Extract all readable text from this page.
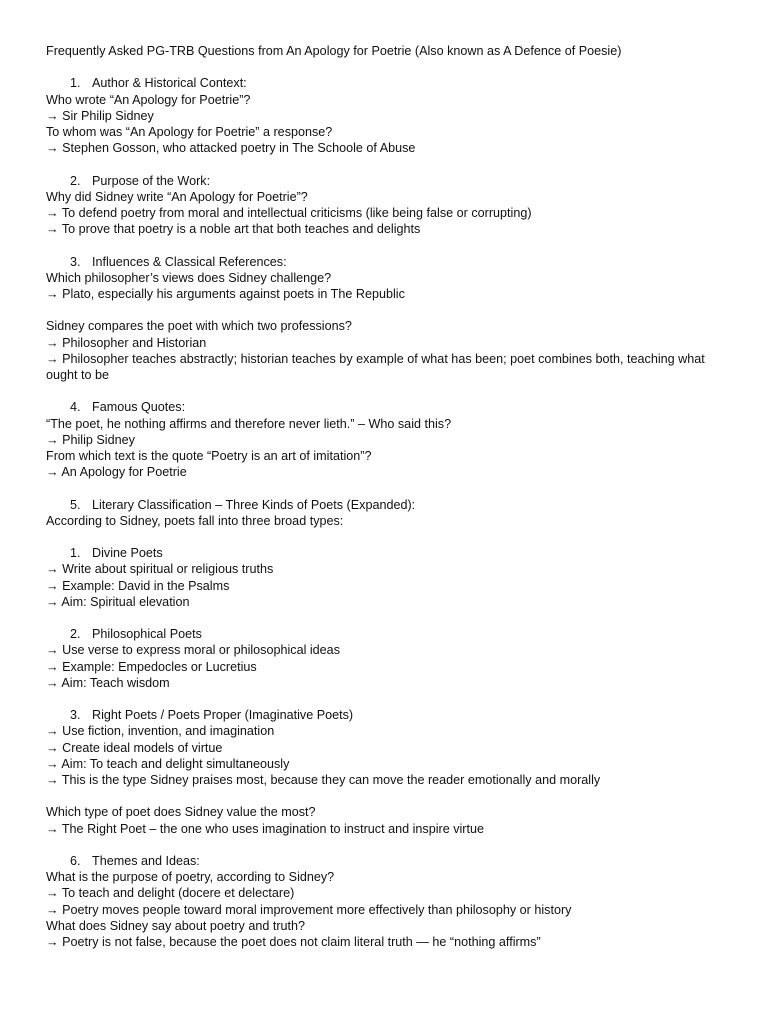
Frequently Asked PG-TRB Questions from An Apology for Poetrie (Also known as A Defence of Poesie)
1. Author & Historical Context:
Who wrote “An Apology for Poetrie”?
→ Sir Philip Sidney
To whom was “An Apology for Poetrie” a response?
→ Stephen Gosson, who attacked poetry in The Schoole of Abuse
2. Purpose of the Work:
Why did Sidney write “An Apology for Poetrie”?
→ To defend poetry from moral and intellectual criticisms (like being false or corrupting)
→ To prove that poetry is a noble art that both teaches and delights
3. Influences & Classical References:
Which philosopher’s views does Sidney challenge?
→ Plato, especially his arguments against poets in The Republic
Sidney compares the poet with which two professions?
→ Philosopher and Historian
→ Philosopher teaches abstractly; historian teaches by example of what has been; poet combines both, teaching what ought to be
4. Famous Quotes:
“The poet, he nothing affirms and therefore never lieth.” – Who said this?
→ Philip Sidney
From which text is the quote “Poetry is an art of imitation”?
→ An Apology for Poetrie
5. Literary Classification – Three Kinds of Poets (Expanded):
According to Sidney, poets fall into three broad types:
1. Divine Poets
→ Write about spiritual or religious truths
→ Example: David in the Psalms
→ Aim: Spiritual elevation
2. Philosophical Poets
→ Use verse to express moral or philosophical ideas
→ Example: Empedocles or Lucretius
→ Aim: Teach wisdom
3. Right Poets / Poets Proper (Imaginative Poets)
→ Use fiction, invention, and imagination
→ Create ideal models of virtue
→ Aim: To teach and delight simultaneously
→ This is the type Sidney praises most, because they can move the reader emotionally and morally
Which type of poet does Sidney value the most?
→ The Right Poet – the one who uses imagination to instruct and inspire virtue
6. Themes and Ideas:
What is the purpose of poetry, according to Sidney?
→ To teach and delight (docere et delectare)
→ Poetry moves people toward moral improvement more effectively than philosophy or history
What does Sidney say about poetry and truth?
→ Poetry is not false, because the poet does not claim literal truth — he “nothing affirms”
